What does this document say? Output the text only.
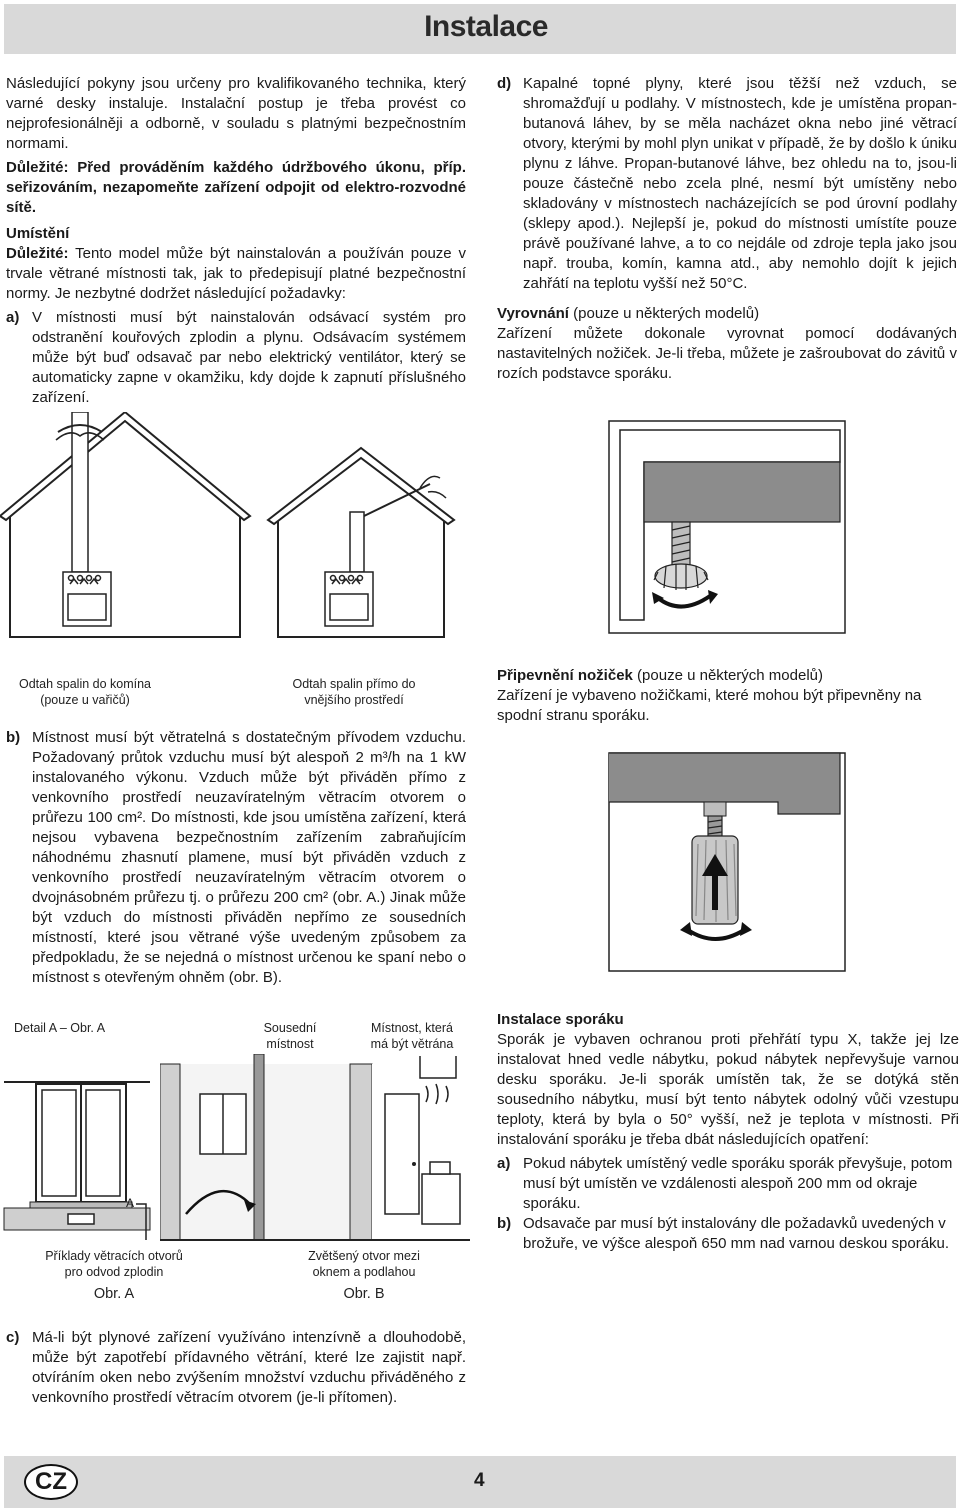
Instalace

Následující pokyny jsou určeny pro kvalifikovaného technika, který varné desky instaluje. Instalační postup je třeba provést co nejprofesionálněji a odborně, v souladu s platnými bezpečnostním normami.

Důležité: Před prováděním každého údržbového úkonu, příp. seřizováním, nezapomeňte zařízení odpojit od elektro-rozvodné sítě.

Umístění

Důležité: Tento model může být nainstalován a používán pouze v trvale větrané místnosti tak, jak to předepisují platné bezpečnostní normy. Je nezbytné dodržet následující požadavky:

a) V místnosti musí být nainstalován odsávací systém pro odstranění kouřových zplodin a plynu. Odsávacím systémem může být buď odsavač par nebo elektrický ventilátor, který se automaticky zapne v okamžiku, kdy dojde k zapnutí příslušného zařízení.
d) Kapalné topné plyny, které jsou těžší než vzduch, se shromažďují u podlahy. V místnostech, kde je umístěna propan-butanová láhev, by se měla nacházet okna nebo jiné větrací otvory, kterými by mohl plyn unikat v případě, že by došlo k úniku plynu z láhve. Propan-butanové láhve, bez ohledu na to, jsou-li pouze částečně nebo zcela plné, nesmí být umístěny nebo skladovány v místnostech nacházejících se pod úrovní podlahy (sklepy apod.). Nejlepší je, pokud do místnosti umístíte pouze právě používané lahve, a to co nejdále od zdroje tepla jako jsou např. trouba, komín, kamna atd., aby nemohlo dojít k jejich zahřátí na teplotu vyšší než 50°C.

Vyrovnání (pouze u některých modelů)

Zařízení můžete dokonale vyrovnat pomocí dodávaných nastavitelných nožiček. Je-li třeba, můžete je zašroubovat do závitů v rozích podstavce sporáku.

Odtah spalin do komína
(pouze u vařičů)
Odtah spalin přímo do
vnějšího prostředí
b) Místnost musí být větratelná s dostatečným přívodem vzduchu. Požadovaný průtok vzduchu musí být alespoň 2 m³/h na 1 kW instalovaného výkonu. Vzduch může být přiváděn přímo z venkovního prostředí neuzavíratelným větracím otvorem o průřezu 100 cm². Do místnosti, kde jsou umístěna zařízení, která nejsou vybavena bezpečnostním zařízením zabraňujícím náhodnému zhasnutí plamene, musí být přiváděn vzduch z venkovního prostředí neuzavíratelným větracím otvorem o dvojnásobném průřezu tj. o průřezu 200 cm² (obr. A.) Jinak může být vzduch do místnosti přiváděn nepřímo ze sousedních místností, které jsou větrané výše uvedeným způsobem za předpokladu, že se nejedná o místnost určenou ke spaní nebo o místnost s otevřeným ohněm (obr. B).
Detail A – Obr. A	Sousední
místnost
Místnost, která
má být větrána
A
Příklady větracích otvorů
pro odvod zplodin
Zvětšený otvor mezi
oknem a podlahou
Obr. A	Obr. B
c) Má-li být plynové zařízení využíváno intenzívně a dlouhodobě, může být zapotřebí přídavného větrání, které lze zajistit např. otvíráním oken nebo zvýšením množství vzduchu přiváděného z venkovního prostředí větracím otvorem (je-li přítomen).

Připevnění nožiček (pouze u některých modelů)

Zařízení je vybaveno nožičkami, které mohou být připevněny na spodní stranu sporáku.

Instalace sporáku

Sporák je vybaven ochranou proti přehřátí typu X, takže jej lze instalovat hned vedle nábytku, pokud nábytek nepřevyšuje varnou desku sporáku. Je-li sporák umístěn tak, že se dotýká stěn sousedního nábytku, musí být tento nábytek odolný vůči vzestupu teploty, která by byla o 50° vyšší, než je teplota v místnosti. Při instalování sporáku je třeba dbát následujících opatření:

a) Pokud nábytek umístěný vedle sporáku sporák převyšuje, potom musí být umístěn ve vzdálenosti alespoň 200 mm od okraje sporáku.
b) Odsavače par musí být instalovány dle požadavků uvedených v brožuře, ve výšce alespoň 650 mm nad varnou deskou sporáku.
CZ	4
